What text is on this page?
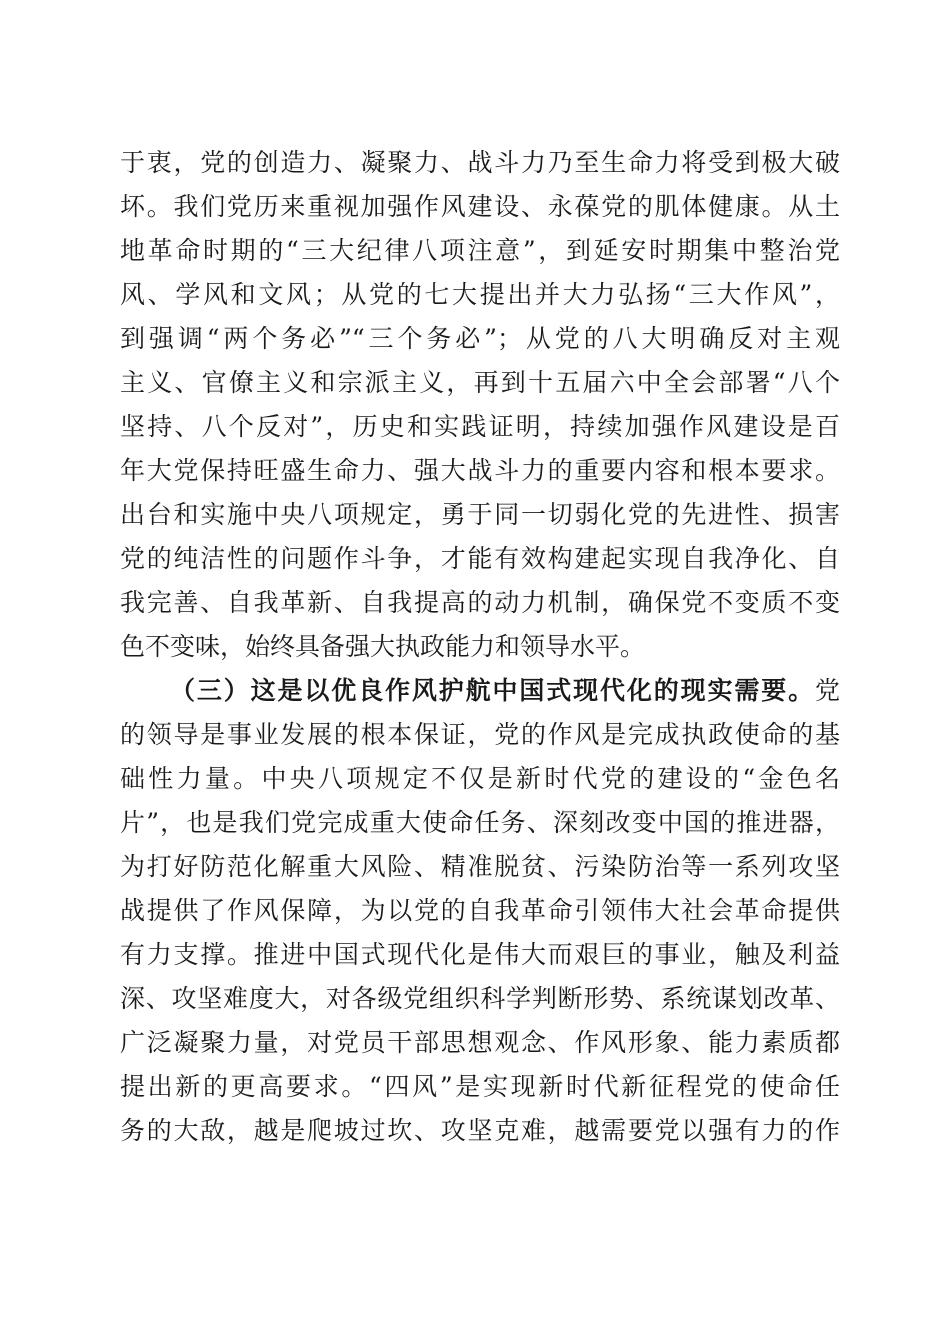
于衷，党的创造力、凝聚力、战斗力乃至生命力将受到极大破
坏。我们党历来重视加强作风建设、永葆党的肌体健康。从土
地革命时期的“三大纪律八项注意”，到延安时期集中整治党
风、学风和文风；从党的七大提出并大力弘扬“三大作风”，
到强调“两个务必”“三个务必”；从党的八大明确反对主观
主义、官僚主义和宗派主义，再到十五届六中全会部署“八个
坚持、八个反对”，历史和实践证明，持续加强作风建设是百
年大党保持旺盛生命力、强大战斗力的重要内容和根本要求。
出台和实施中央八项规定，勇于同一切弱化党的先进性、损害
党的纯洁性的问题作斗争，才能有效构建起实现自我净化、自
我完善、自我革新、自我提高的动力机制，确保党不变质不变
色不变味，始终具备强大执政能力和领导水平。
（三）这是以优良作风护航中国式现代化的现实需要。党
的领导是事业发展的根本保证，党的作风是完成执政使命的基
础性力量。中央八项规定不仅是新时代党的建设的“金色名
片”，也是我们党完成重大使命任务、深刻改变中国的推进器，
为打好防范化解重大风险、精准脱贫、污染防治等一系列攻坚
战提供了作风保障，为以党的自我革命引领伟大社会革命提供
有力支撑。推进中国式现代化是伟大而艰巨的事业，触及利益
深、攻坚难度大，对各级党组织科学判断形势、系统谋划改革、
广泛凝聚力量，对党员干部思想观念、作风形象、能力素质都
提出新的更高要求。“四风”是实现新时代新征程党的使命任
务的大敌，越是爬坡过坎、攻坚克难，越需要党以强有力的作
